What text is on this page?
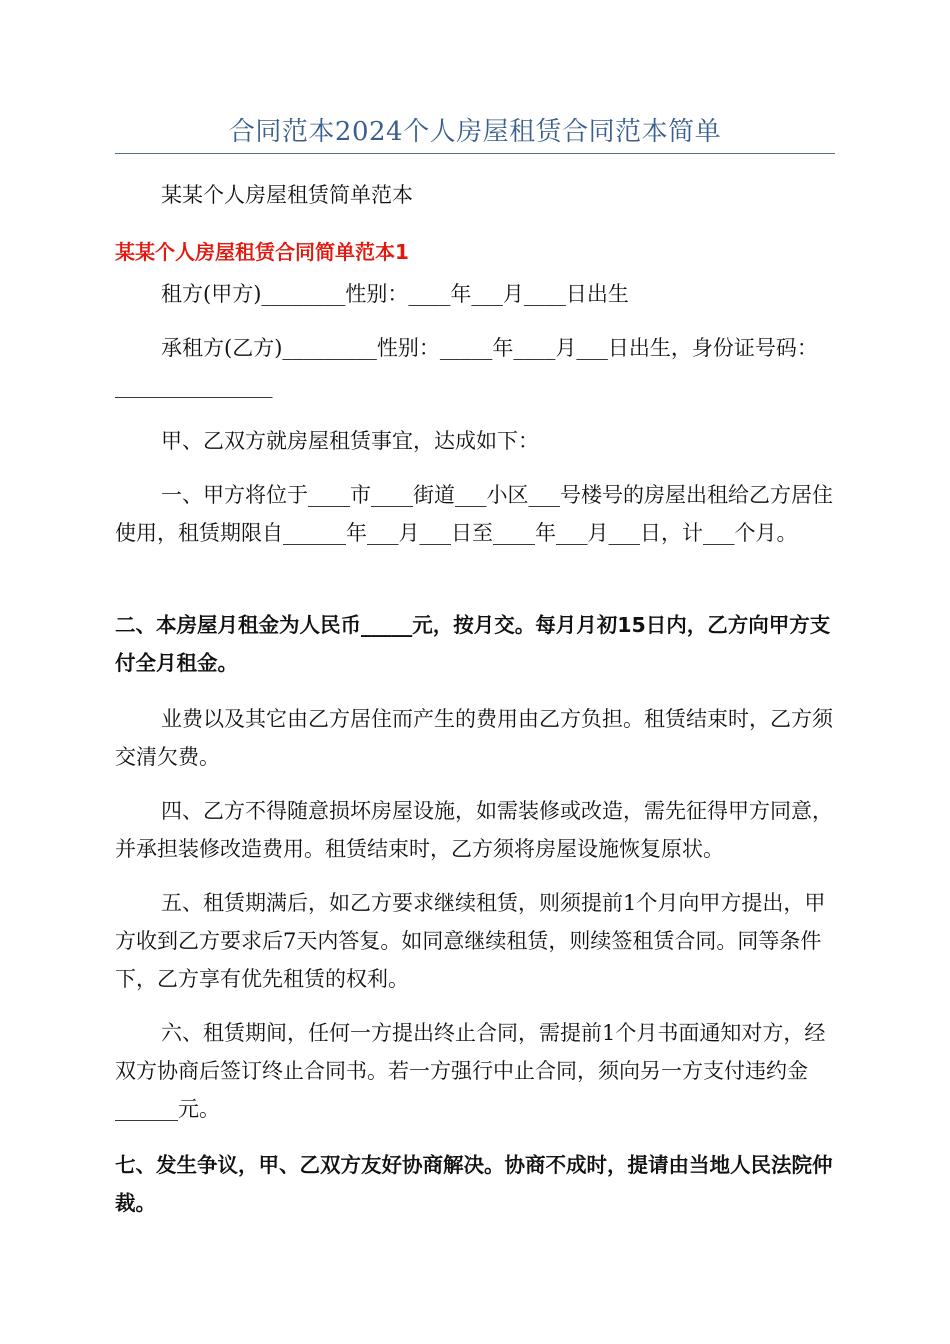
合同范本2024个人房屋租赁合同范本简单

某某个人房屋租赁简单范本

某某个人房屋租赁合同简单范本1

租方(甲方)________性别：____年___月____日出生

承租方(乙方)_________性别：_____年____月___日出生，身份证号码：_______________

甲、乙双方就房屋租赁事宜，达成如下：

一、甲方将位于____市____街道___小区___号楼号的房屋出租给乙方居住使用，租赁期限自______年___月___日至____年___月___日，计___个月。

二、本房屋月租金为人民币_____元，按月交。每月月初15日内，乙方向甲方支付全月租金。

业费以及其它由乙方居住而产生的费用由乙方负担。租赁结束时，乙方须交清欠费。

四、乙方不得随意损坏房屋设施，如需装修或改造，需先征得甲方同意，并承担装修改造费用。租赁结束时，乙方须将房屋设施恢复原状。

五、租赁期满后，如乙方要求继续租赁，则须提前1个月向甲方提出，甲方收到乙方要求后7天内答复。如同意继续租赁，则续签租赁合同。同等条件下，乙方享有优先租赁的权利。

六、租赁期间，任何一方提出终止合同，需提前1个月书面通知对方，经双方协商后签订终止合同书。若一方强行中止合同，须向另一方支付违约金______元。

七、发生争议，甲、乙双方友好协商解决。协商不成时，提请由当地人民法院仲裁。
